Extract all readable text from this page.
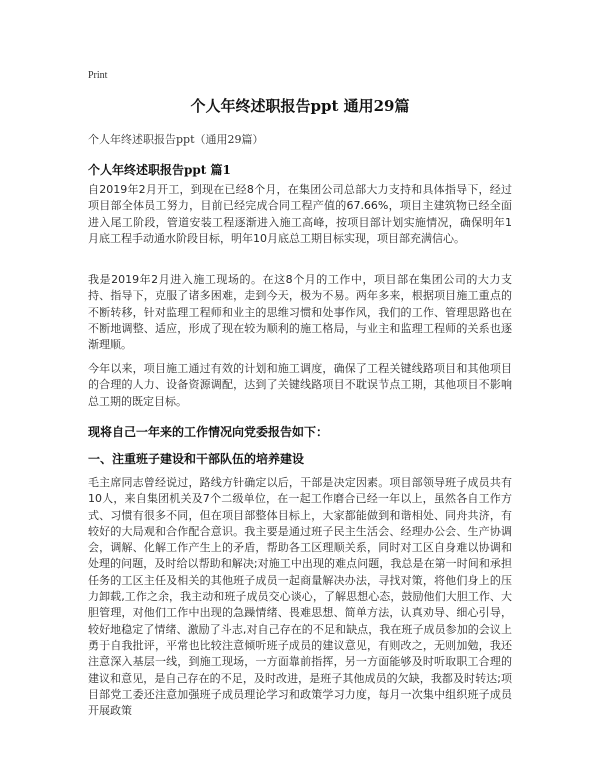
Print
个人年终述职报告ppt 通用29篇
个人年终述职报告ppt（通用29篇）
个人年终述职报告ppt 篇1
自2019年2月开工，到现在已经8个月，在集团公司总部大力支持和具体指导下，经过项目部全体员工努力，目前已经完成合同工程产值的67.66%，项目主建筑物已经全面进入尾工阶段，管道安装工程逐渐进入施工高峰，按项目部计划实施情况，确保明年1月底工程手动通水阶段目标，明年10月底总工期目标实现，项目部充满信心。
我是2019年2月进入施工现场的。在这8个月的工作中，项目部在集团公司的大力支持、指导下，克服了诸多困难，走到今天，极为不易。两年多来，根据项目施工重点的不断转移，针对监理工程师和业主的思维习惯和处事作风，我们的工作、管理思路也在不断地调整、适应，形成了现在较为顺利的施工格局，与业主和监理工程师的关系也逐渐理顺。
今年以来，项目施工通过有效的计划和施工调度，确保了工程关键线路项目和其他项目的合理的人力、设备资源调配，达到了关键线路项目不耽误节点工期，其他项目不影响总工期的既定目标。
现将自己一年来的工作情况向党委报告如下：
一、注重班子建设和干部队伍的培养建设
毛主席同志曾经说过，路线方针确定以后，干部是决定因素。项目部领导班子成员共有10人，来自集团机关及7个二级单位，在一起工作磨合已经一年以上，虽然各自工作方式、习惯有很多不同，但在项目部整体目标上，大家都能做到和谐相处、同舟共济，有较好的大局观和合作配合意识。我主要是通过班子民主生活会、经理办公会、生产协调会，调解、化解工作产生上的矛盾，帮助各工区理顺关系，同时对工区自身难以协调和处理的问题，及时给以帮助和解决;对施工中出现的难点问题，我总是在第一时间和承担任务的工区主任及相关的其他班子成员一起商量解决办法，寻找对策，将他们身上的压力卸载,工作之余，我主动和班子成员交心谈心，了解思想心态，鼓励他们大胆工作、大胆管理，对他们工作中出现的急躁情绪、畏难思想、简单方法，认真劝导、细心引导，较好地稳定了情绪、激励了斗志,对自己存在的不足和缺点，我在班子成员参加的会议上勇于自我批评，平常也比较注意倾听班子成员的建议意见，有则改之，无则加勉，我还注意深入基层一线，到施工现场，一方面靠前指挥，另一方面能够及时听取职工合理的建议和意见，是自己存在的不足，及时改进，是班子其他成员的欠缺，我都及时转达;项目部党工委还注意加强班子成员理论学习和政策学习力度，每月一次集中组织班子成员开展政策
